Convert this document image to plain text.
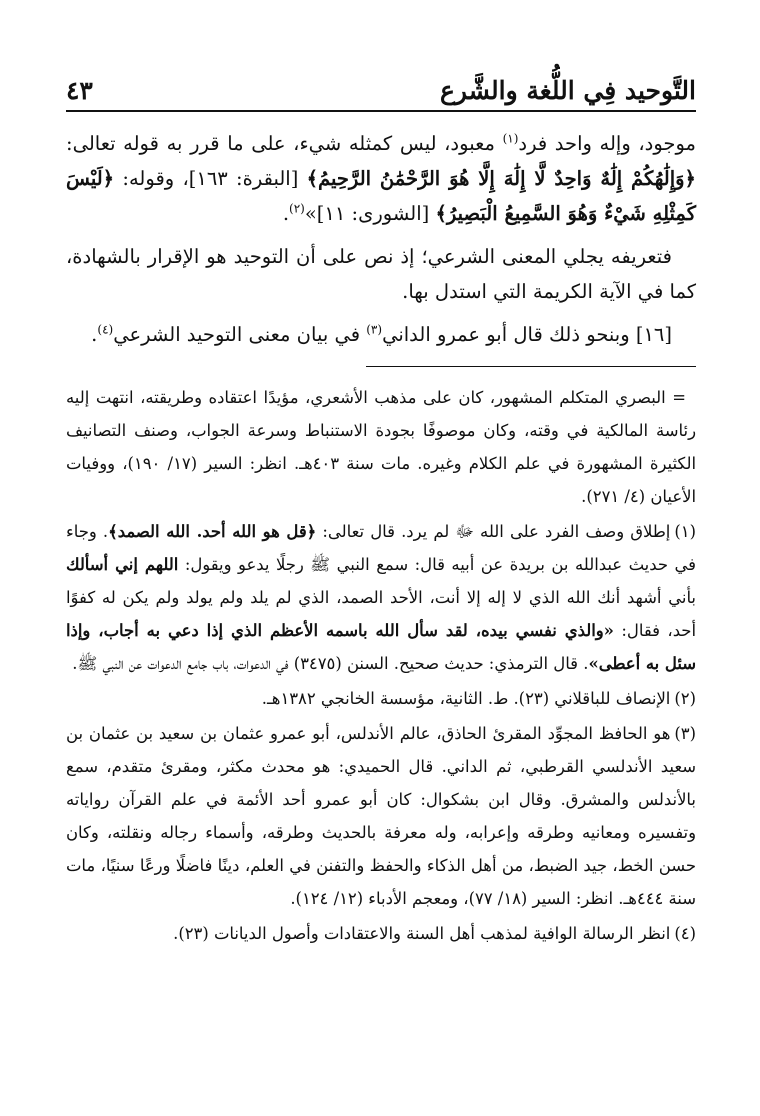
التَّوحيد فِي اللُّغة والشَّرع
٤٣

موجود، وإله واحد فرد$^{(١)}$ معبود، ليس كمثله شيء، على ما قرر به قوله تعالى: ﴿وَإِلَٰهُكُمْ إِلَٰهٌ وَاحِدٌ لَّا إِلَٰهَ إِلَّا هُوَ الرَّحْمَٰنُ الرَّحِيمُ﴾ [البقرة: ١٦٣]، وقوله: ﴿لَيْسَ كَمِثْلِهِ شَيْءٌ وَهُوَ السَّمِيعُ الْبَصِيرُ﴾ [الشورى: ١١]»$^{(٢)}$.

فتعريفه يجلي المعنى الشرعي؛ إذ نص على أن التوحيد هو الإقرار بالشهادة، كما في الآية الكريمة التي استدل بها.

[١٦] وبنحو ذلك قال أبو عمرو الداني$^{(٣)}$ في بيان معنى التوحيد الشرعي$^{(٤)}$.

= البصري المتكلم المشهور، كان على مذهب الأشعري، مؤيدًا اعتقاده وطريقته، انتهت إليه رئاسة المالكية في وقته، وكان موصوفًا بجودة الاستنباط وسرعة الجواب، وصنف التصانيف الكثيرة المشهورة في علم الكلام وغيره. مات سنة ٤٠٣هـ. انظر: السير (١٧/ ١٩٠)، ووفيات الأعيان (٤/ ٢٧١).

(١)إطلاق وصف الفرد على الله ﷻ لم يرد. قال تعالى: ﴿قل هو الله أحد. الله الصمد﴾. وجاء في حديث عبدالله بن بريدة عن أبيه قال: سمع النبي ﷺ رجلًا يدعو ويقول: اللهم إني أسألك بأني أشهد أنك الله الذي لا إله إلا أنت، الأحد الصمد، الذي لم يلد ولم يولد ولم يكن له كفوًا أحد، فقال: «والذي نفسي بيده، لقد سأل الله باسمه الأعظم الذي إذا دعي به أجاب، وإذا سئل به أعطى». قال الترمذي: حديث صحيح. السنن (٣٤٧٥) في الدعوات، باب جامع الدعوات عن النبي ﷺ.

(٢)الإنصاف للباقلاني (٢٣). ط. الثانية، مؤسسة الخانجي ١٣٨٢هـ.

(٣)هو الحافظ المجوِّد المقرئ الحاذق، عالم الأندلس، أبو عمرو عثمان بن سعيد بن عثمان بن سعيد الأندلسي القرطبي، ثم الداني. قال الحميدي: هو محدث مكثر، ومقرئ متقدم، سمع بالأندلس والمشرق. وقال ابن بشكوال: كان أبو عمرو أحد الأئمة في علم القرآن رواياته وتفسيره ومعانيه وطرقه وإعرابه، وله معرفة بالحديث وطرقه، وأسماء رجاله ونقلته، وكان حسن الخط، جيد الضبط، من أهل الذكاء والحفظ والتفنن في العلم، دينًا فاضلًا ورعًا سنيًا، مات سنة ٤٤٤هـ. انظر: السير (١٨/ ٧٧)، ومعجم الأدباء (١٢/ ١٢٤).

(٤)انظر الرسالة الوافية لمذهب أهل السنة والاعتقادات وأصول الديانات (٢٣).
